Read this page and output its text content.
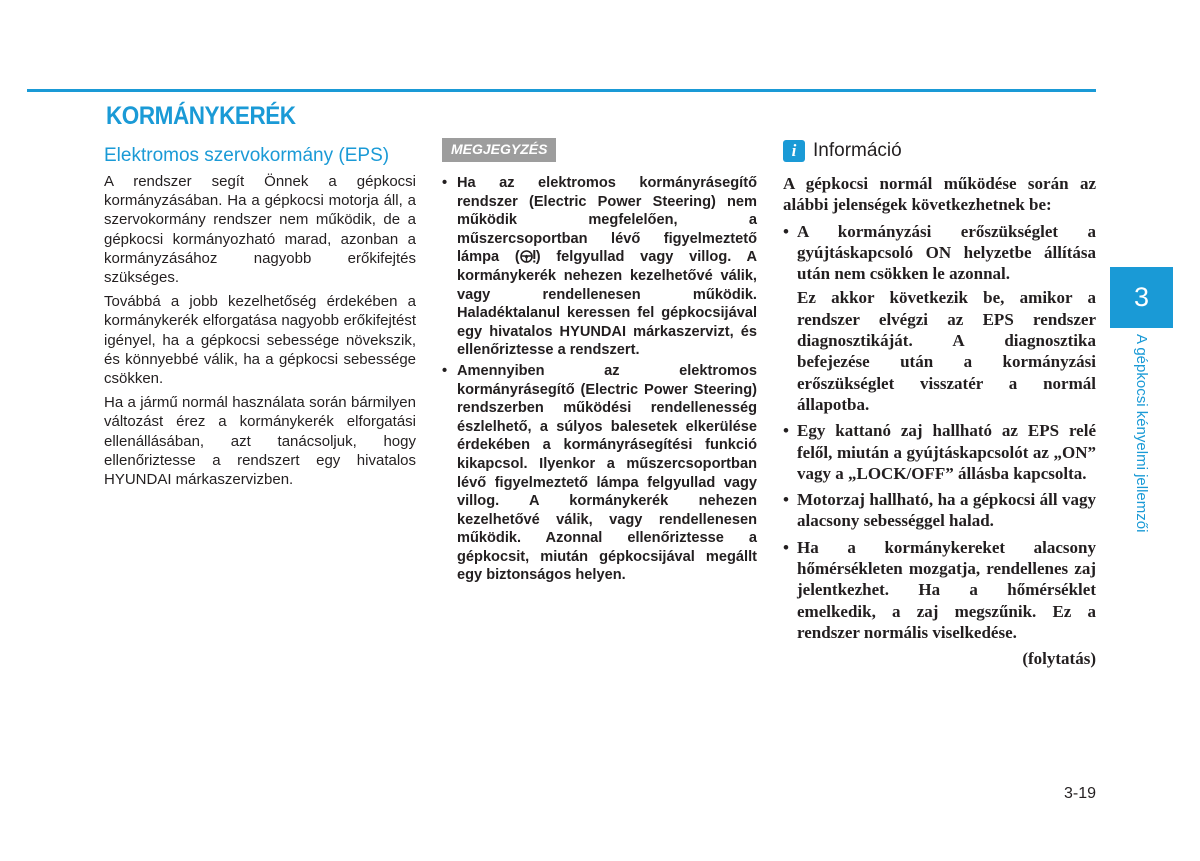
KORMÁNYKERÉK
Elektromos szervokormány (EPS)

A rendszer segít Önnek a gépkocsi kormányzásában. Ha a gépkocsi motorja áll, a szervokormány rendszer nem működik, de a gépkocsi kormányozható marad, azonban a kormányzásához nagyobb erőkifejtés szükséges.

Továbbá a jobb kezelhetőség érdekében a kormánykerék elforgatása nagyobb erőkifejtést igényel, ha a gépkocsi sebessége növekszik, és könnyebbé válik, ha a gépkocsi sebessége csökken.

Ha a jármű normál használata során bármilyen változást érez a kormánykerék elforgatási ellenállásában, azt tanácsoljuk, hogy ellenőriztesse a rendszert egy hivatalos HYUNDAI márkaszervizben.

MEGJEGYZÉS
• Ha az elektromos kormányrásegítő rendszer (Electric Power Steering) nem működik megfelelően, a műszercsoportban lévő figyelmeztető lámpa ( ) felgyullad vagy villog. A kormánykerék nehezen kezelhetővé válik, vagy rendellenesen működik. Haladéktalanul keressen fel gépkocsijával egy hivatalos HYUNDAI márkaszervizt, és ellenőriztesse a rendszert.
• Amennyiben az elektromos kormányrásegítő (Electric Power Steering) rendszerben működési rendellenesség észlelhető, a súlyos balesetek elkerülése érdekében a kormányrásegítési funkció kikapcsol. Ilyenkor a műszercsoportban lévő figyelmeztető lámpa felgyullad vagy villog. A kormánykerék nehezen kezelhetővé válik, vagy rendellenesen működik. Azonnal ellenőriztesse a gépkocsit, miután gépkocsijával megállt egy biztonságos helyen.
i Információ

A gépkocsi normál működése során az alábbi jelenségek következhetnek be:

• A kormányzási erőszükséglet a gyújtáskapcsoló ON helyzetbe állítása után nem csökken le azonnal.

Ez akkor következik be, amikor a rendszer elvégzi az EPS rendszer diagnosztikáját. A diagnosztika befejezése után a kormányzási erőszükséglet visszatér a normál állapotba.

• Egy kattanó zaj hallható az EPS relé felől, miután a gyújtáskapcsolót az „ON” vagy a „LOCK/OFF” állásba kapcsolta.
• Motorzaj hallható, ha a gépkocsi áll vagy alacsony sebességgel halad.
• Ha a kormánykereket alacsony hőmérsékleten mozgatja, rendellenes zaj jelentkezhet. Ha a hőmérséklet emelkedik, a zaj megszűnik. Ez a rendszer normális viselkedése.

(folytatás)

3
A gépkocsi kényelmi jellemzői
3-19
